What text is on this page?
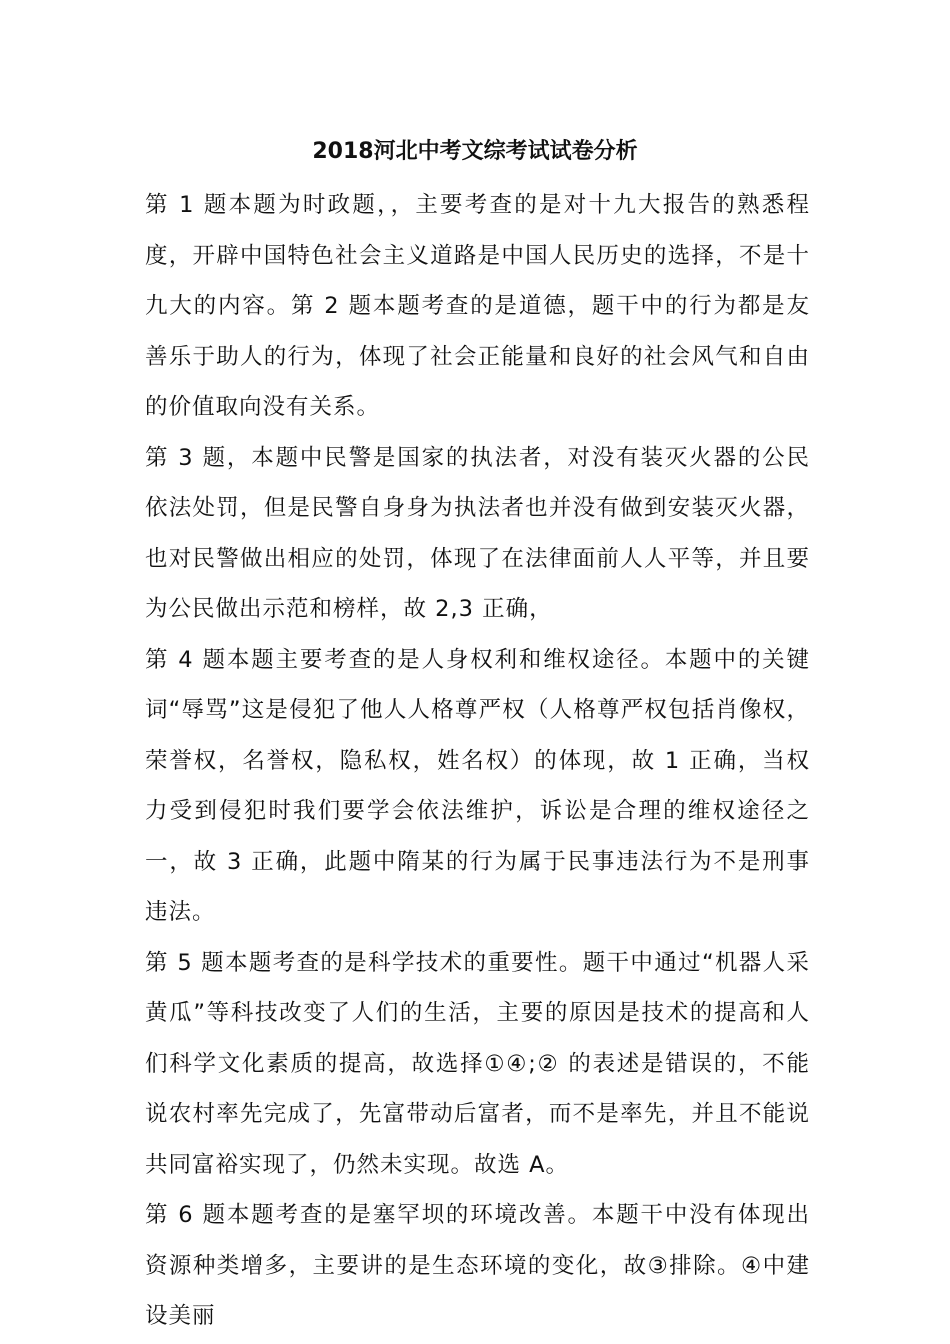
2018河北中考文综考试试卷分析

第 1 题本题为时政题，，主要考查的是对十九大报告的熟悉程度，开辟中国特色社会主义道路是中国人民历史的选择，不是十九大的内容。第 2 题本题考查的是道德，题干中的行为都是友善乐于助人的行为，体现了社会正能量和良好的社会风气和自由的价值取向没有关系。

第 3 题，本题中民警是国家的执法者，对没有装灭火器的公民依法处罚，但是民警自身身为执法者也并没有做到安装灭火器，也对民警做出相应的处罚，体现了在法律面前人人平等，并且要为公民做出示范和榜样，故 2,3 正确，

第 4 题本题主要考查的是人身权利和维权途径。本题中的关键词“辱骂”这是侵犯了他人人格尊严权（人格尊严权包括肖像权，荣誉权，名誉权，隐私权，姓名权）的体现，故 1 正确，当权力受到侵犯时我们要学会依法维护，诉讼是合理的维权途径之一，故 3 正确，此题中隋某的行为属于民事违法行为不是刑事违法。

第 5 题本题考查的是科学技术的重要性。题干中通过“机器人采黄瓜”等科技改变了人们的生活，主要的原因是技术的提高和人们科学文化素质的提高，故选择①④;② 的表述是错误的，不能说农村率先完成了，先富带动后富者，而不是率先，并且不能说共同富裕实现了，仍然未实现。故选 A。

第 6 题本题考查的是塞罕坝的环境改善。本题干中没有体现出资源种类增多，主要讲的是生态环境的变化，故③排除。④中建设美丽
